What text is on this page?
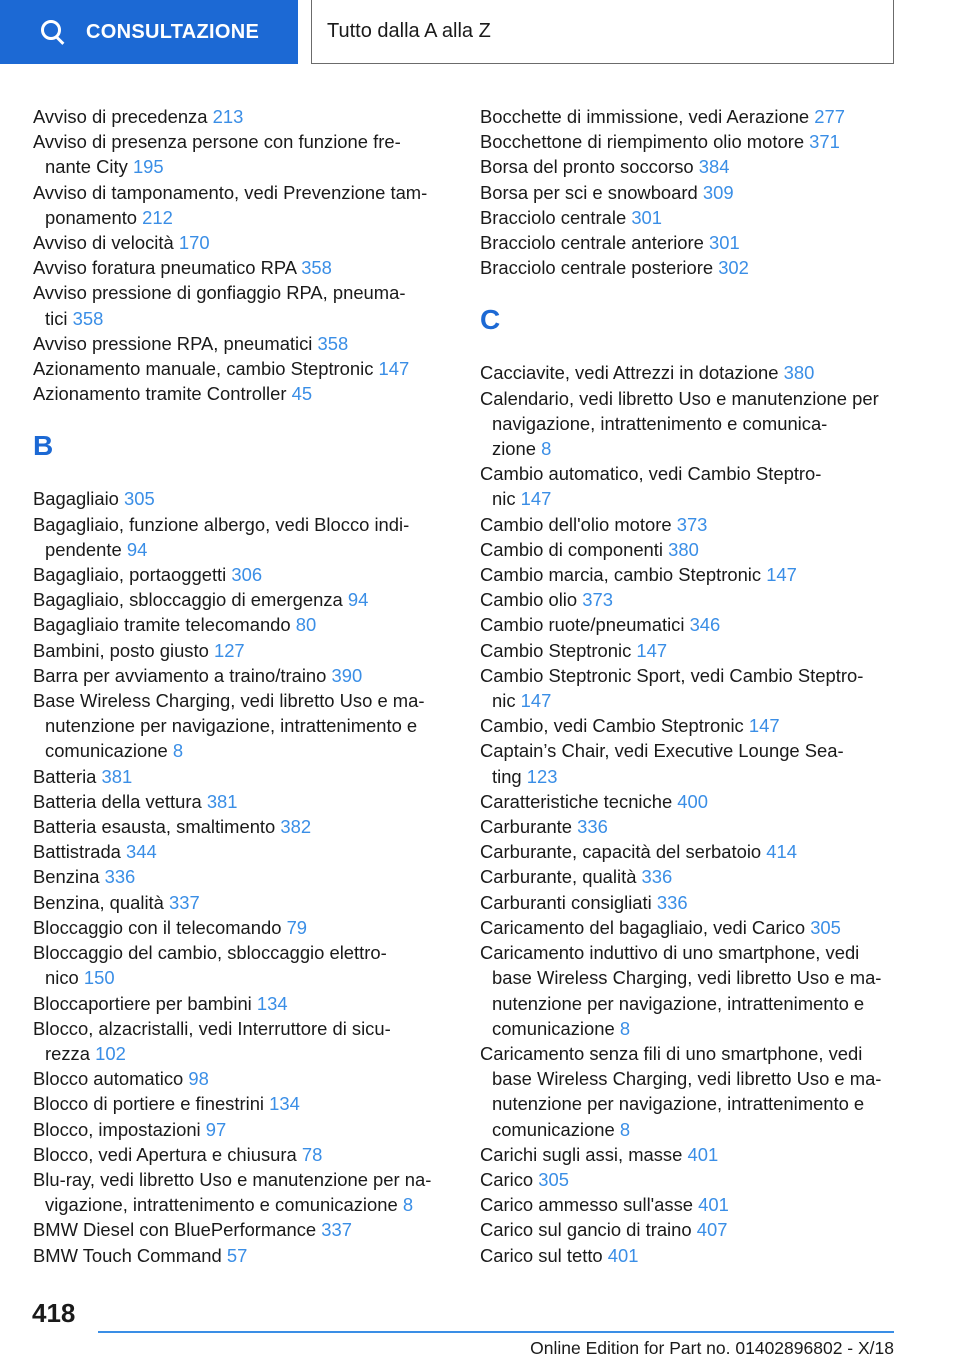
CONSULTAZIONE	Tutto dalla A alla Z
Avviso di precedenza 213
Avviso di presenza persone con funzione fre-
nante City 195
Avviso di tamponamento, vedi Prevenzione tam-
ponamento 212
Avviso di velocità 170
Avviso foratura pneumatico RPA 358
Avviso pressione di gonfiaggio RPA, pneuma-
tici 358
Avviso pressione RPA, pneumatici 358
Azionamento manuale, cambio Steptronic 147
Azionamento tramite Controller 45
B
Bagagliaio 305
Bagagliaio, funzione albergo, vedi Blocco indi-
pendente 94
Bagagliaio, portaoggetti 306
Bagagliaio, sbloccaggio di emergenza 94
Bagagliaio tramite telecomando 80
Bambini, posto giusto 127
Barra per avviamento a traino/traino 390
Base Wireless Charging, vedi libretto Uso e ma-
nutenzione per navigazione, intrattenimento e
comunicazione 8
Batteria 381
Batteria della vettura 381
Batteria esausta, smaltimento 382
Battistrada 344
Benzina 336
Benzina, qualità 337
Bloccaggio con il telecomando 79
Bloccaggio del cambio, sbloccaggio elettro-
nico 150
Bloccaportiere per bambini 134
Blocco, alzacristalli, vedi Interruttore di sicu-
rezza 102
Blocco automatico 98
Blocco di portiere e finestrini 134
Blocco, impostazioni 97
Blocco, vedi Apertura e chiusura 78
Blu-ray, vedi libretto Uso e manutenzione per na-
vigazione, intrattenimento e comunicazione 8
BMW Diesel con BluePerformance 337
BMW Touch Command 57
Bocchette di immissione, vedi Aerazione 277
Bocchettone di riempimento olio motore 371
Borsa del pronto soccorso 384
Borsa per sci e snowboard 309
Bracciolo centrale 301
Bracciolo centrale anteriore 301
Bracciolo centrale posteriore 302
C
Cacciavite, vedi Attrezzi in dotazione 380
Calendario, vedi libretto Uso e manutenzione per
navigazione, intrattenimento e comunica-
zione 8
Cambio automatico, vedi Cambio Steptro-
nic 147
Cambio dell'olio motore 373
Cambio di componenti 380
Cambio marcia, cambio Steptronic 147
Cambio olio 373
Cambio ruote/pneumatici 346
Cambio Steptronic 147
Cambio Steptronic Sport, vedi Cambio Steptro-
nic 147
Cambio, vedi Cambio Steptronic 147
Captain’s Chair, vedi Executive Lounge Sea-
ting 123
Caratteristiche tecniche 400
Carburante 336
Carburante, capacità del serbatoio 414
Carburante, qualità 336
Carburanti consigliati 336
Caricamento del bagagliaio, vedi Carico 305
Caricamento induttivo di uno smartphone, vedi
base Wireless Charging, vedi libretto Uso e ma-
nutenzione per navigazione, intrattenimento e
comunicazione 8
Caricamento senza fili di uno smartphone, vedi
base Wireless Charging, vedi libretto Uso e ma-
nutenzione per navigazione, intrattenimento e
comunicazione 8
Carichi sugli assi, masse 401
Carico 305
Carico ammesso sull'asse 401
Carico sul gancio di traino 407
Carico sul tetto 401
418
Online Edition for Part no. 01402896802 - X/18
